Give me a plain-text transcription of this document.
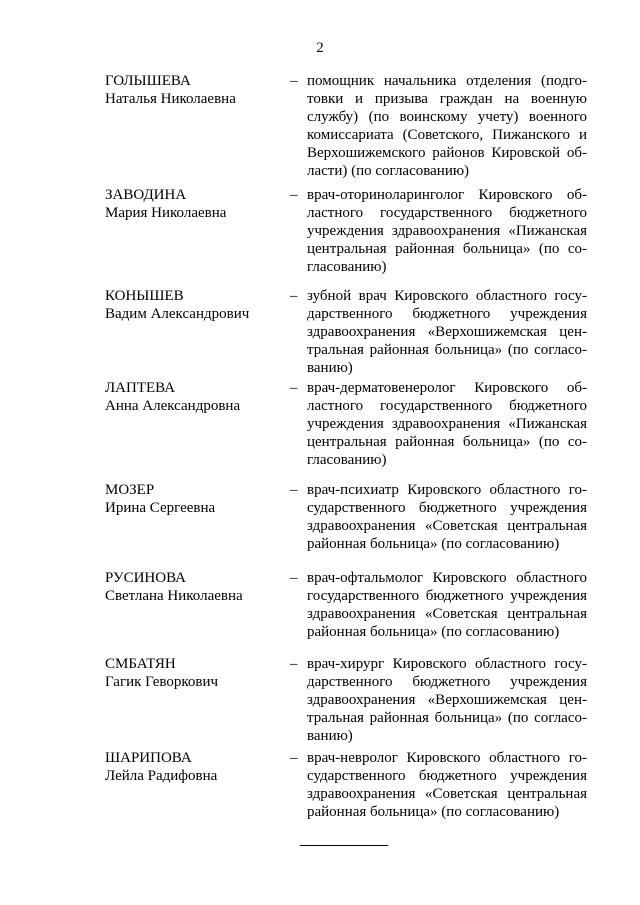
2
ГОЛЫШЕВА
Наталья Николаевна
– помощник начальника отделения (подго-
товки и призыва граждан на военную
службу) (по воинскому учету) военного
комиссариата (Советского, Пижанского и
Верхошижемского районов Кировской об-
ласти) (по согласованию)
ЗАВОДИНА
Мария Николаевна
– врач-оториноларинголог Кировского об-
ластного государственного бюджетного
учреждения здравоохранения «Пижанская
центральная районная больница» (по со-
гласованию)
КОНЫШЕВ
Вадим Александрович
– зубной врач Кировского областного госу-
дарственного бюджетного учреждения
здравоохранения «Верхошижемская цен-
тральная районная больница» (по согласо-
ванию)
ЛАПТЕВА
Анна Александровна
– врач-дерматовенеролог Кировского об-
ластного государственного бюджетного
учреждения здравоохранения «Пижанская
центральная районная больница» (по со-
гласованию)
МОЗЕР
Ирина Сергеевна
– врач-психиатр Кировского областного го-
сударственного бюджетного учреждения
здравоохранения «Советская центральная
районная больница» (по согласованию)
РУСИНОВА
Светлана Николаевна
– врач-офтальмолог Кировского областного
государственного бюджетного учреждения
здравоохранения «Советская центральная
районная больница» (по согласованию)
СМБАТЯН
Гагик Геворкович
– врач-хирург Кировского областного госу-
дарственного бюджетного учреждения
здравоохранения «Верхошижемская цен-
тральная районная больница» (по согласо-
ванию)
ШАРИПОВА
Лейла Радифовна
– врач-невролог Кировского областного го-
сударственного бюджетного учреждения
здравоохранения «Советская центральная
районная больница» (по согласованию)
